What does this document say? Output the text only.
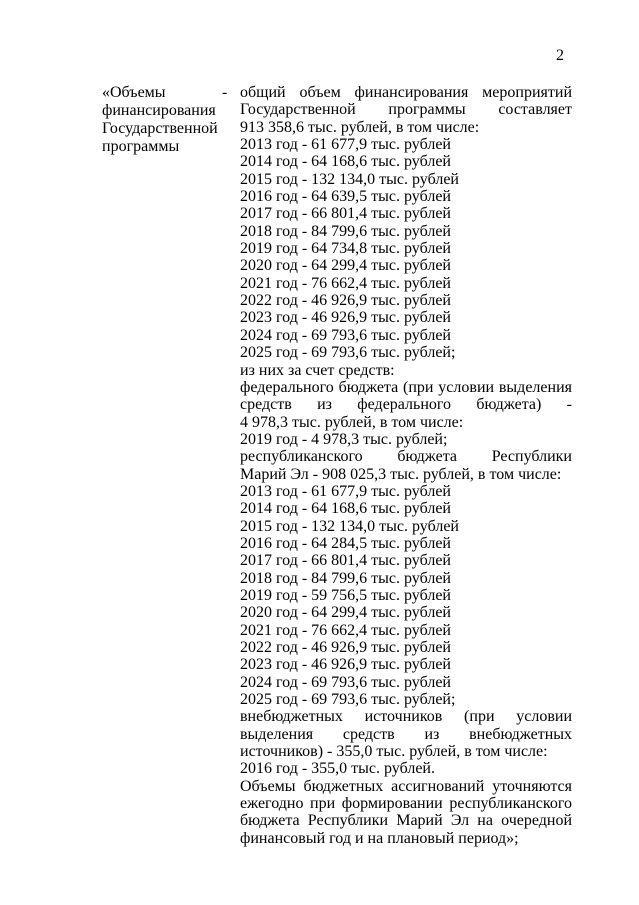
2
«Объемы
финансирования
Государственной
программы
- общий объем финансирования мероприятий
Государственной программы составляет
913 358,6 тыс. рублей, в том числе:
2013 год - 61 677,9 тыс. рублей
2014 год - 64 168,6 тыс. рублей
2015 год - 132 134,0 тыс. рублей
2016 год - 64 639,5 тыс. рублей
2017 год - 66 801,4 тыс. рублей
2018 год - 84 799,6 тыс. рублей
2019 год - 64 734,8 тыс. рублей
2020 год - 64 299,4 тыс. рублей
2021 год - 76 662,4 тыс. рублей
2022 год - 46 926,9 тыс. рублей
2023 год - 46 926,9 тыс. рублей
2024 год - 69 793,6 тыс. рублей
2025 год - 69 793,6 тыс. рублей;
из них за счет средств:
федерального бюджета (при условии выделения
средств из федерального бюджета) -
4 978,3 тыс. рублей, в том числе:
2019 год - 4 978,3 тыс. рублей;
республиканского бюджета Республики
Марий Эл - 908 025,3 тыс. рублей, в том числе:
2013 год - 61 677,9 тыс. рублей
2014 год - 64 168,6 тыс. рублей
2015 год - 132 134,0 тыс. рублей
2016 год - 64 284,5 тыс. рублей
2017 год - 66 801,4 тыс. рублей
2018 год - 84 799,6 тыс. рублей
2019 год - 59 756,5 тыс. рублей
2020 год - 64 299,4 тыс. рублей
2021 год - 76 662,4 тыс. рублей
2022 год - 46 926,9 тыс. рублей
2023 год - 46 926,9 тыс. рублей
2024 год - 69 793,6 тыс. рублей
2025 год - 69 793,6 тыс. рублей;
внебюджетных источников (при условии
выделения средств из внебюджетных
источников) - 355,0 тыс. рублей, в том числе:
2016 год - 355,0 тыс. рублей.
Объемы бюджетных ассигнований уточняются
ежегодно при формировании республиканского
бюджета Республики Марий Эл на очередной
финансовый год и на плановый период»;
